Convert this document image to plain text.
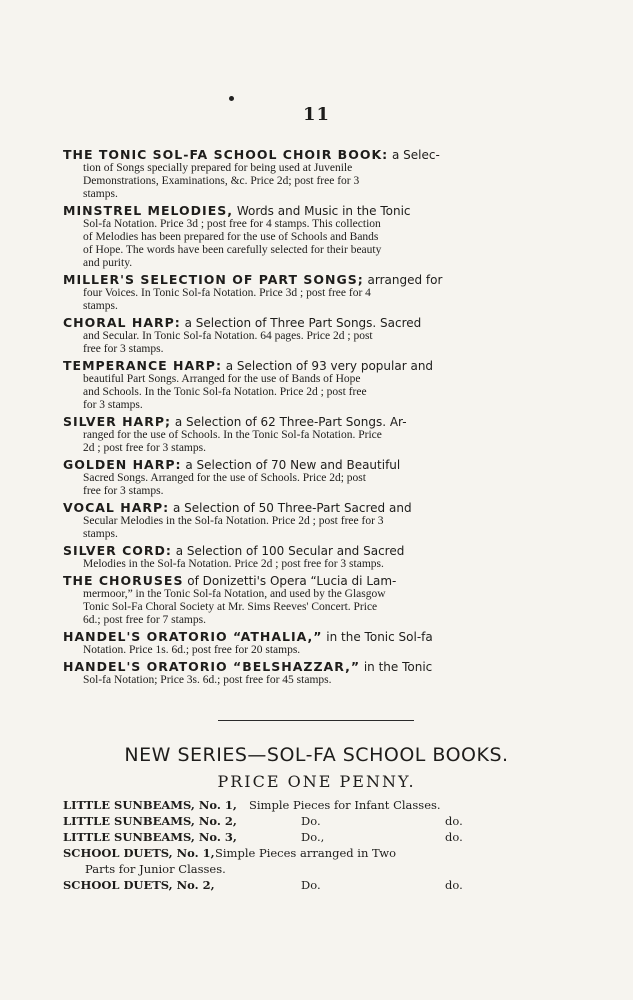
11
THE TONIC SOL-FA SCHOOL CHOIR BOOK: a Selec-
tion of Songs specially prepared for being used at Juvenile
Demonstrations, Examinations, &c. Price 2d; post free for 3
stamps.
MINSTREL MELODIES, Words and Music in the Tonic
Sol-fa Notation. Price 3d ; post free for 4 stamps. This collection
of Melodies has been prepared for the use of Schools and Bands
of Hope. The words have been carefully selected for their beauty
and purity.
MILLER'S SELECTION OF PART SONGS; arranged for
four Voices. In Tonic Sol-fa Notation. Price 3d ; post free for 4
stamps.
CHORAL HARP: a Selection of Three Part Songs. Sacred
and Secular. In Tonic Sol-fa Notation. 64 pages. Price 2d ; post
free for 3 stamps.
TEMPERANCE HARP: a Selection of 93 very popular and
beautiful Part Songs. Arranged for the use of Bands of Hope
and Schools. In the Tonic Sol-fa Notation. Price 2d ; post free
for 3 stamps.
SILVER HARP; a Selection of 62 Three-Part Songs. Ar-
ranged for the use of Schools. In the Tonic Sol-fa Notation. Price
2d ; post free for 3 stamps.
GOLDEN HARP: a Selection of 70 New and Beautiful
Sacred Songs. Arranged for the use of Schools. Price 2d; post
free for 3 stamps.
VOCAL HARP: a Selection of 50 Three-Part Sacred and
Secular Melodies in the Sol-fa Notation. Price 2d ; post free for 3
stamps.
SILVER CORD: a Selection of 100 Secular and Sacred
Melodies in the Sol-fa Notation. Price 2d ; post free for 3 stamps.
THE CHORUSES of Donizetti's Opera “Lucia di Lam-
mermoor,” in the Tonic Sol-fa Notation, and used by the Glasgow
Tonic Sol-Fa Choral Society at Mr. Sims Reeves' Concert. Price
6d.; post free for 7 stamps.
HANDEL'S ORATORIO “ATHALIA,” in the Tonic Sol-fa
Notation. Price 1s. 6d.; post free for 20 stamps.
HANDEL'S ORATORIO “BELSHAZZAR,” in the Tonic
Sol-fa Notation; Price 3s. 6d.; post free for 45 stamps.
NEW SERIES—SOL-FA SCHOOL BOOKS.
PRICE ONE PENNY.
LITTLE SUNBEAMS, No. 1, Simple Pieces for Infant Classes.
LITTLE SUNBEAMS, No. 2,	Do.	do.
LITTLE SUNBEAMS, No. 3,	Do.,	do.
SCHOOL DUETS, No. 1, Simple Pieces arranged in Two
Parts for Junior Classes.
SCHOOL DUETS, No. 2,	Do.	do.
